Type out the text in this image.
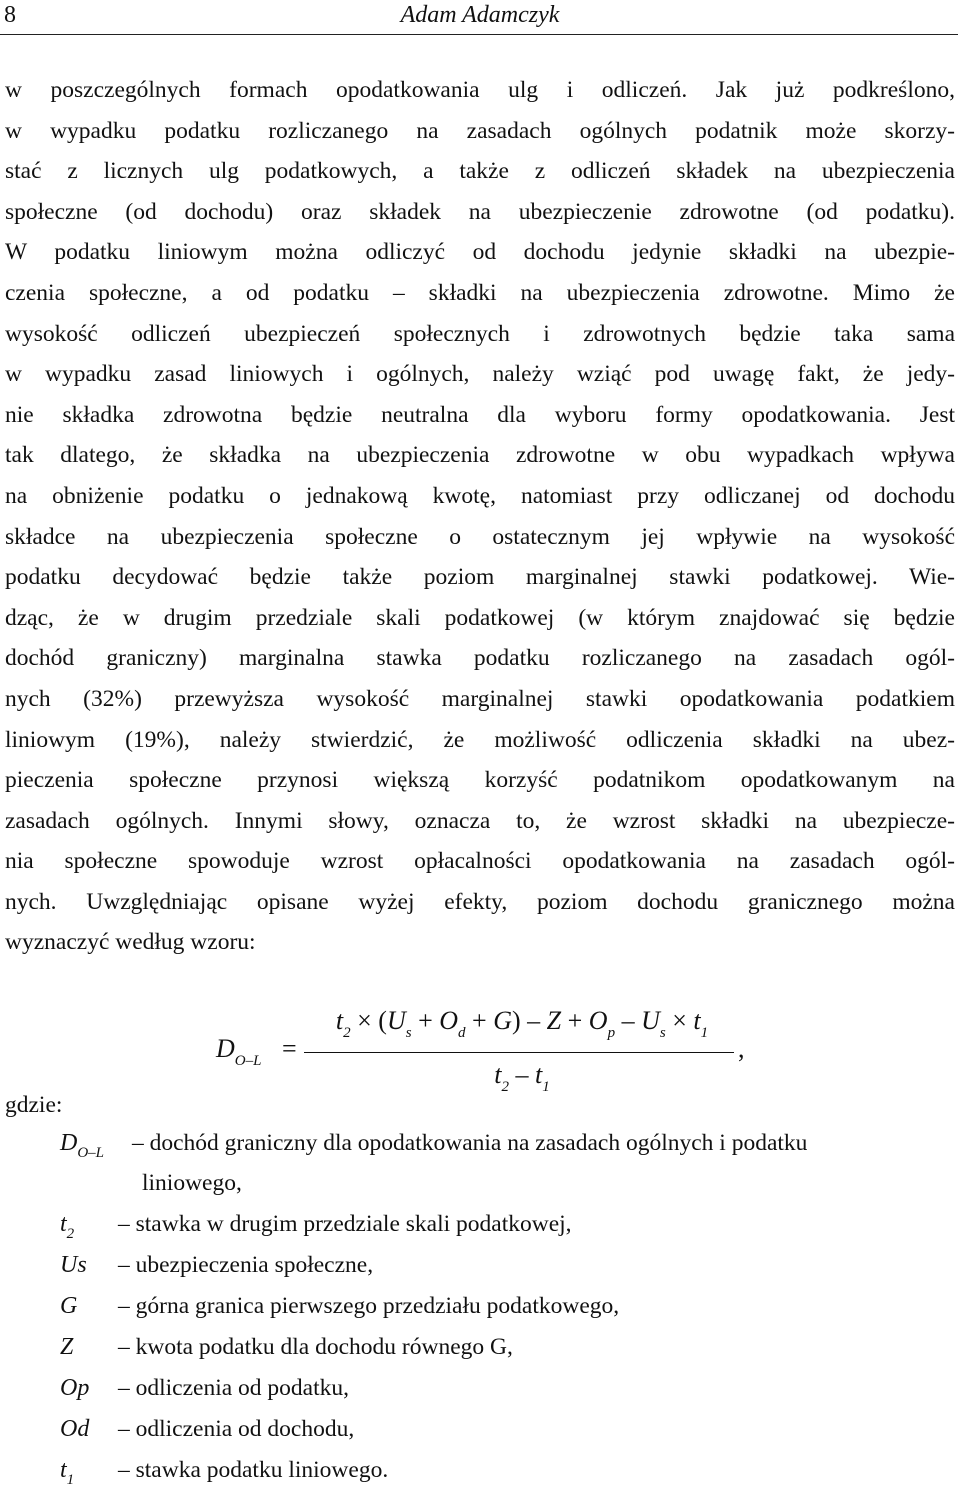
8	Adam Adamczyk
w poszczególnych formach opodatkowania ulg i odliczeń. Jak już podkreślono,
w wypadku podatku rozliczanego na zasadach ogólnych podatnik może skorzy-
stać z licznych ulg podatkowych, a także z odliczeń składek na ubezpieczenia
społeczne (od dochodu) oraz składek na ubezpieczenie zdrowotne (od podatku).
W podatku liniowym można odliczyć od dochodu jedynie składki na ubezpie-
czenia społeczne, a od podatku – składki na ubezpieczenia zdrowotne. Mimo że
wysokość odliczeń ubezpieczeń społecznych i zdrowotnych będzie taka sama
w wypadku zasad liniowych i ogólnych, należy wziąć pod uwagę fakt, że jedy-
nie składka zdrowotna będzie neutralna dla wyboru formy opodatkowania. Jest
tak dlatego, że składka na ubezpieczenia zdrowotne w obu wypadkach wpływa
na obniżenie podatku o jednakową kwotę, natomiast przy odliczanej od dochodu
składce na ubezpieczenia społeczne o ostatecznym jej wpływie na wysokość
podatku decydować będzie także poziom marginalnej stawki podatkowej. Wie-
dząc, że w drugim przedziale skali podatkowej (w którym znajdować się będzie
dochód graniczny) marginalna stawka podatku rozliczanego na zasadach ogól-
nych (32%) przewyższa wysokość marginalnej stawki opodatkowania podatkiem
liniowym (19%), należy stwierdzić, że możliwość odliczenia składki na ubez-
pieczenia społeczne przynosi większą korzyść podatnikom opodatkowanym na
zasadach ogólnych. Innymi słowy, oznacza to, że wzrost składki na ubezpiecze-
nia społeczne spowoduje wzrost opłacalności opodatkowania na zasadach ogól-
nych. Uwzględniając opisane wyżej efekty, poziom dochodu granicznego można
wyznaczyć według wzoru:
$D_{O-L}$ =
$t_2 \times (U_s + O_d + G) - Z + O_p - U_s \times t_1$
$t_2 - t_1$
,
gdzie:
$D_{O-L}$ – dochód graniczny dla opodatkowania na zasadach ogólnych i podatku
liniowego,
$t_2$ – stawka w drugim przedziale skali podatkowej,
Us – ubezpieczenia społeczne,
G – górna granica pierwszego przedziału podatkowego,
Z – kwota podatku dla dochodu równego G,
Op – odliczenia od podatku,
Od – odliczenia od dochodu,
$t_1$ – stawka podatku liniowego.
